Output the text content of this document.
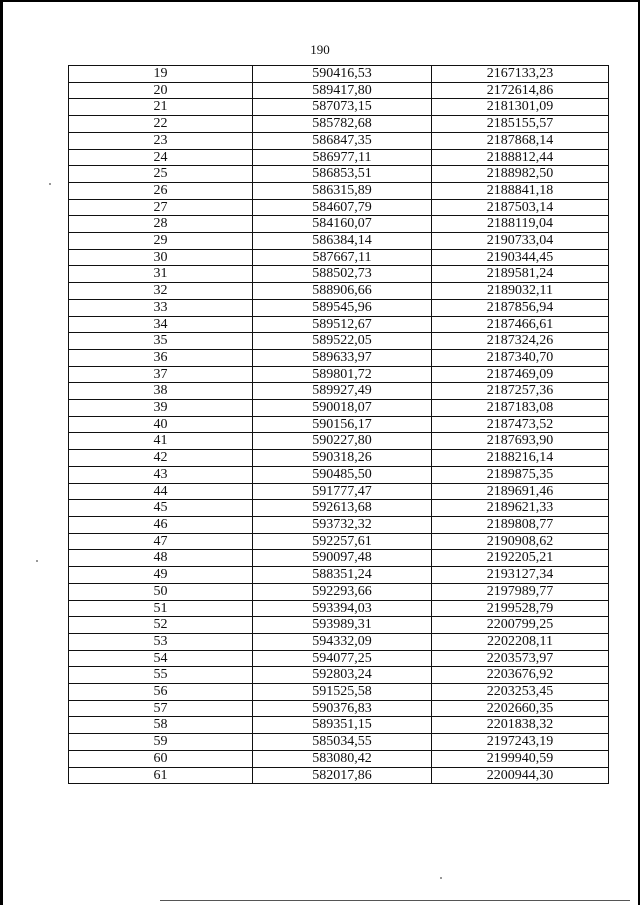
190
19	590416,53	2167133,23
20	589417,80	2172614,86
21	587073,15	2181301,09
22	585782,68	2185155,57
23	586847,35	2187868,14
24	586977,11	2188812,44
25	586853,51	2188982,50
26	586315,89	2188841,18
27	584607,79	2187503,14
28	584160,07	2188119,04
29	586384,14	2190733,04
30	587667,11	2190344,45
31	588502,73	2189581,24
32	588906,66	2189032,11
33	589545,96	2187856,94
34	589512,67	2187466,61
35	589522,05	2187324,26
36	589633,97	2187340,70
37	589801,72	2187469,09
38	589927,49	2187257,36
39	590018,07	2187183,08
40	590156,17	2187473,52
41	590227,80	2187693,90
42	590318,26	2188216,14
43	590485,50	2189875,35
44	591777,47	2189691,46
45	592613,68	2189621,33
46	593732,32	2189808,77
47	592257,61	2190908,62
48	590097,48	2192205,21
49	588351,24	2193127,34
50	592293,66	2197989,77
51	593394,03	2199528,79
52	593989,31	2200799,25
53	594332,09	2202208,11
54	594077,25	2203573,97
55	592803,24	2203676,92
56	591525,58	2203253,45
57	590376,83	2202660,35
58	589351,15	2201838,32
59	585034,55	2197243,19
60	583080,42	2199940,59
61	582017,86	2200944,30
